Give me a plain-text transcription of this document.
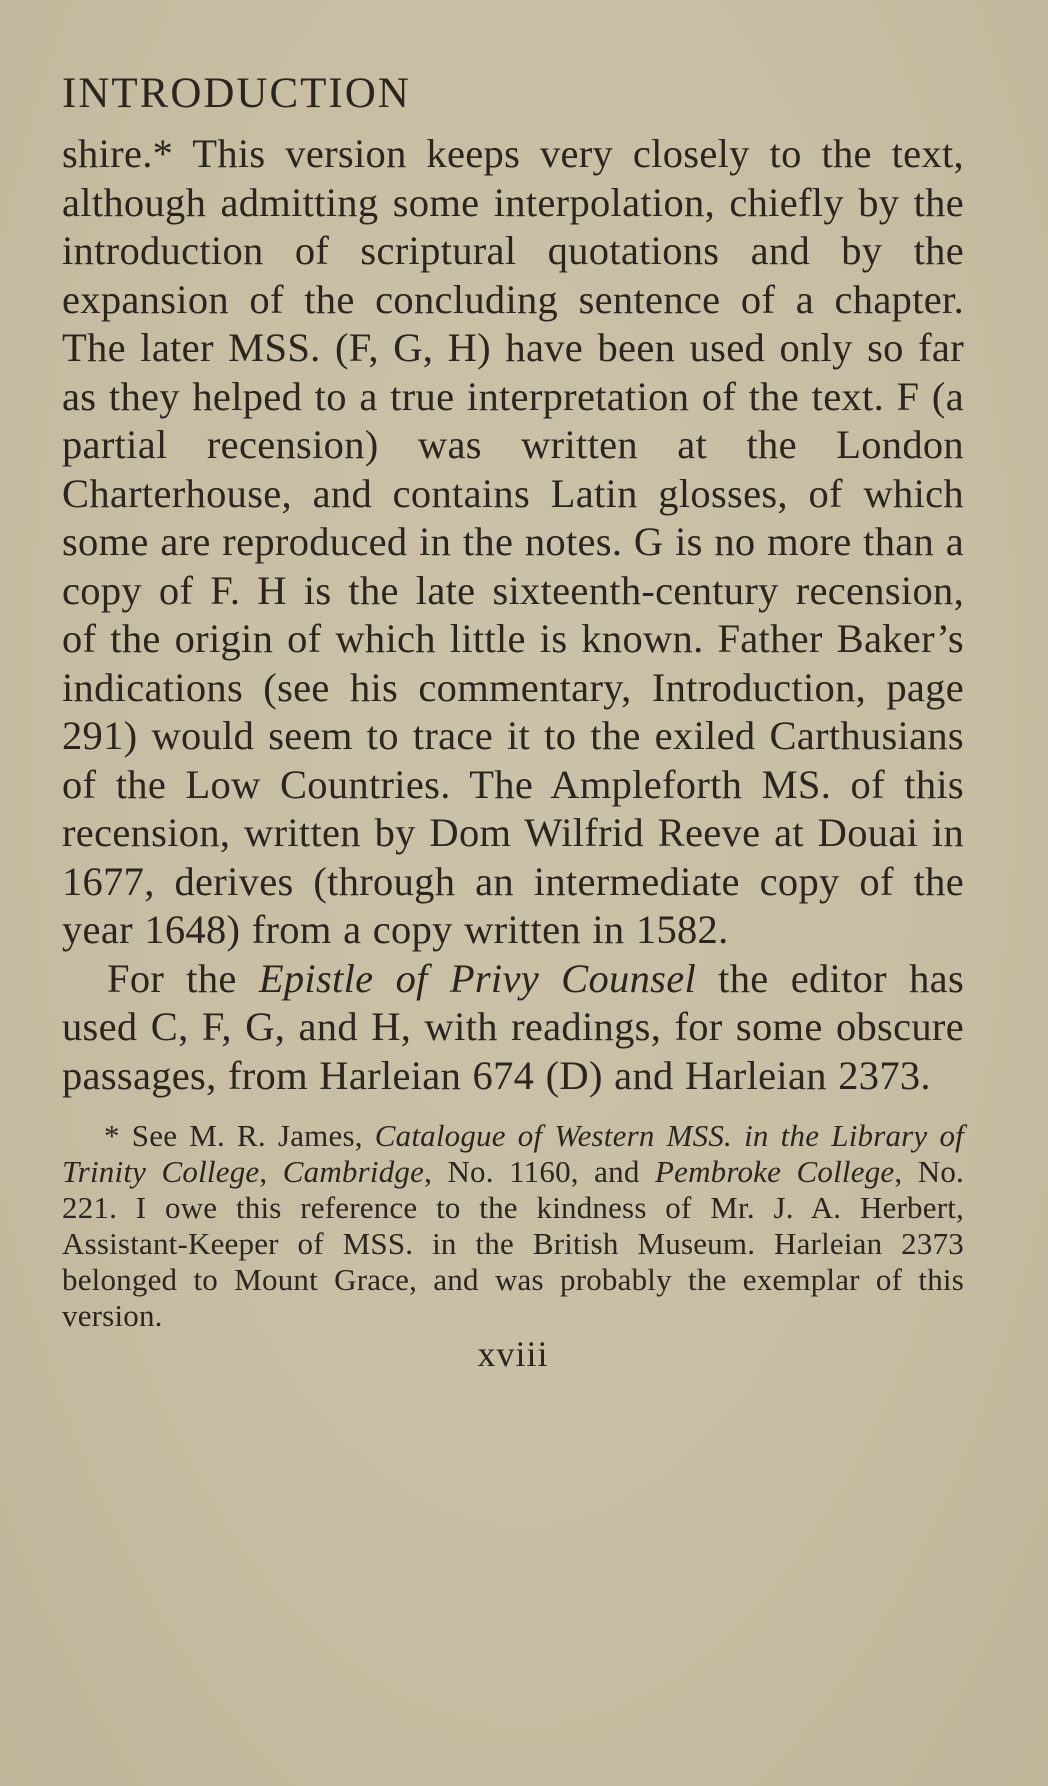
INTRODUCTION

shire.* This version keeps very closely to the text, although admitting some interpolation, chiefly by the introduction of scriptural quotations and by the expansion of the concluding sentence of a chapter. The later MSS. (F, G, H) have been used only so far as they helped to a true interpretation of the text. F (a partial recension) was written at the London Charterhouse, and contains Latin glosses, of which some are reproduced in the notes. G is no more than a copy of F. H is the late sixteenth-century recension, of the origin of which little is known. Father Baker’s indications (see his commentary, Introduction, page 291) would seem to trace it to the exiled Carthusians of the Low Countries. The Ampleforth MS. of this recension, written by Dom Wilfrid Reeve at Douai in 1677, derives (through an intermediate copy of the year 1648) from a copy written in 1582.

For the Epistle of Privy Counsel the editor has used C, F, G, and H, with readings, for some obscure passages, from Harleian 674 (D) and Harleian 2373.

* See M. R. James, Catalogue of Western MSS. in the Library of Trinity College, Cambridge, No. 1160, and Pembroke College, No. 221. I owe this reference to the kindness of Mr. J. A. Herbert, Assistant-Keeper of MSS. in the British Museum. Harleian 2373 belonged to Mount Grace, and was probably the exemplar of this version.
xviii
